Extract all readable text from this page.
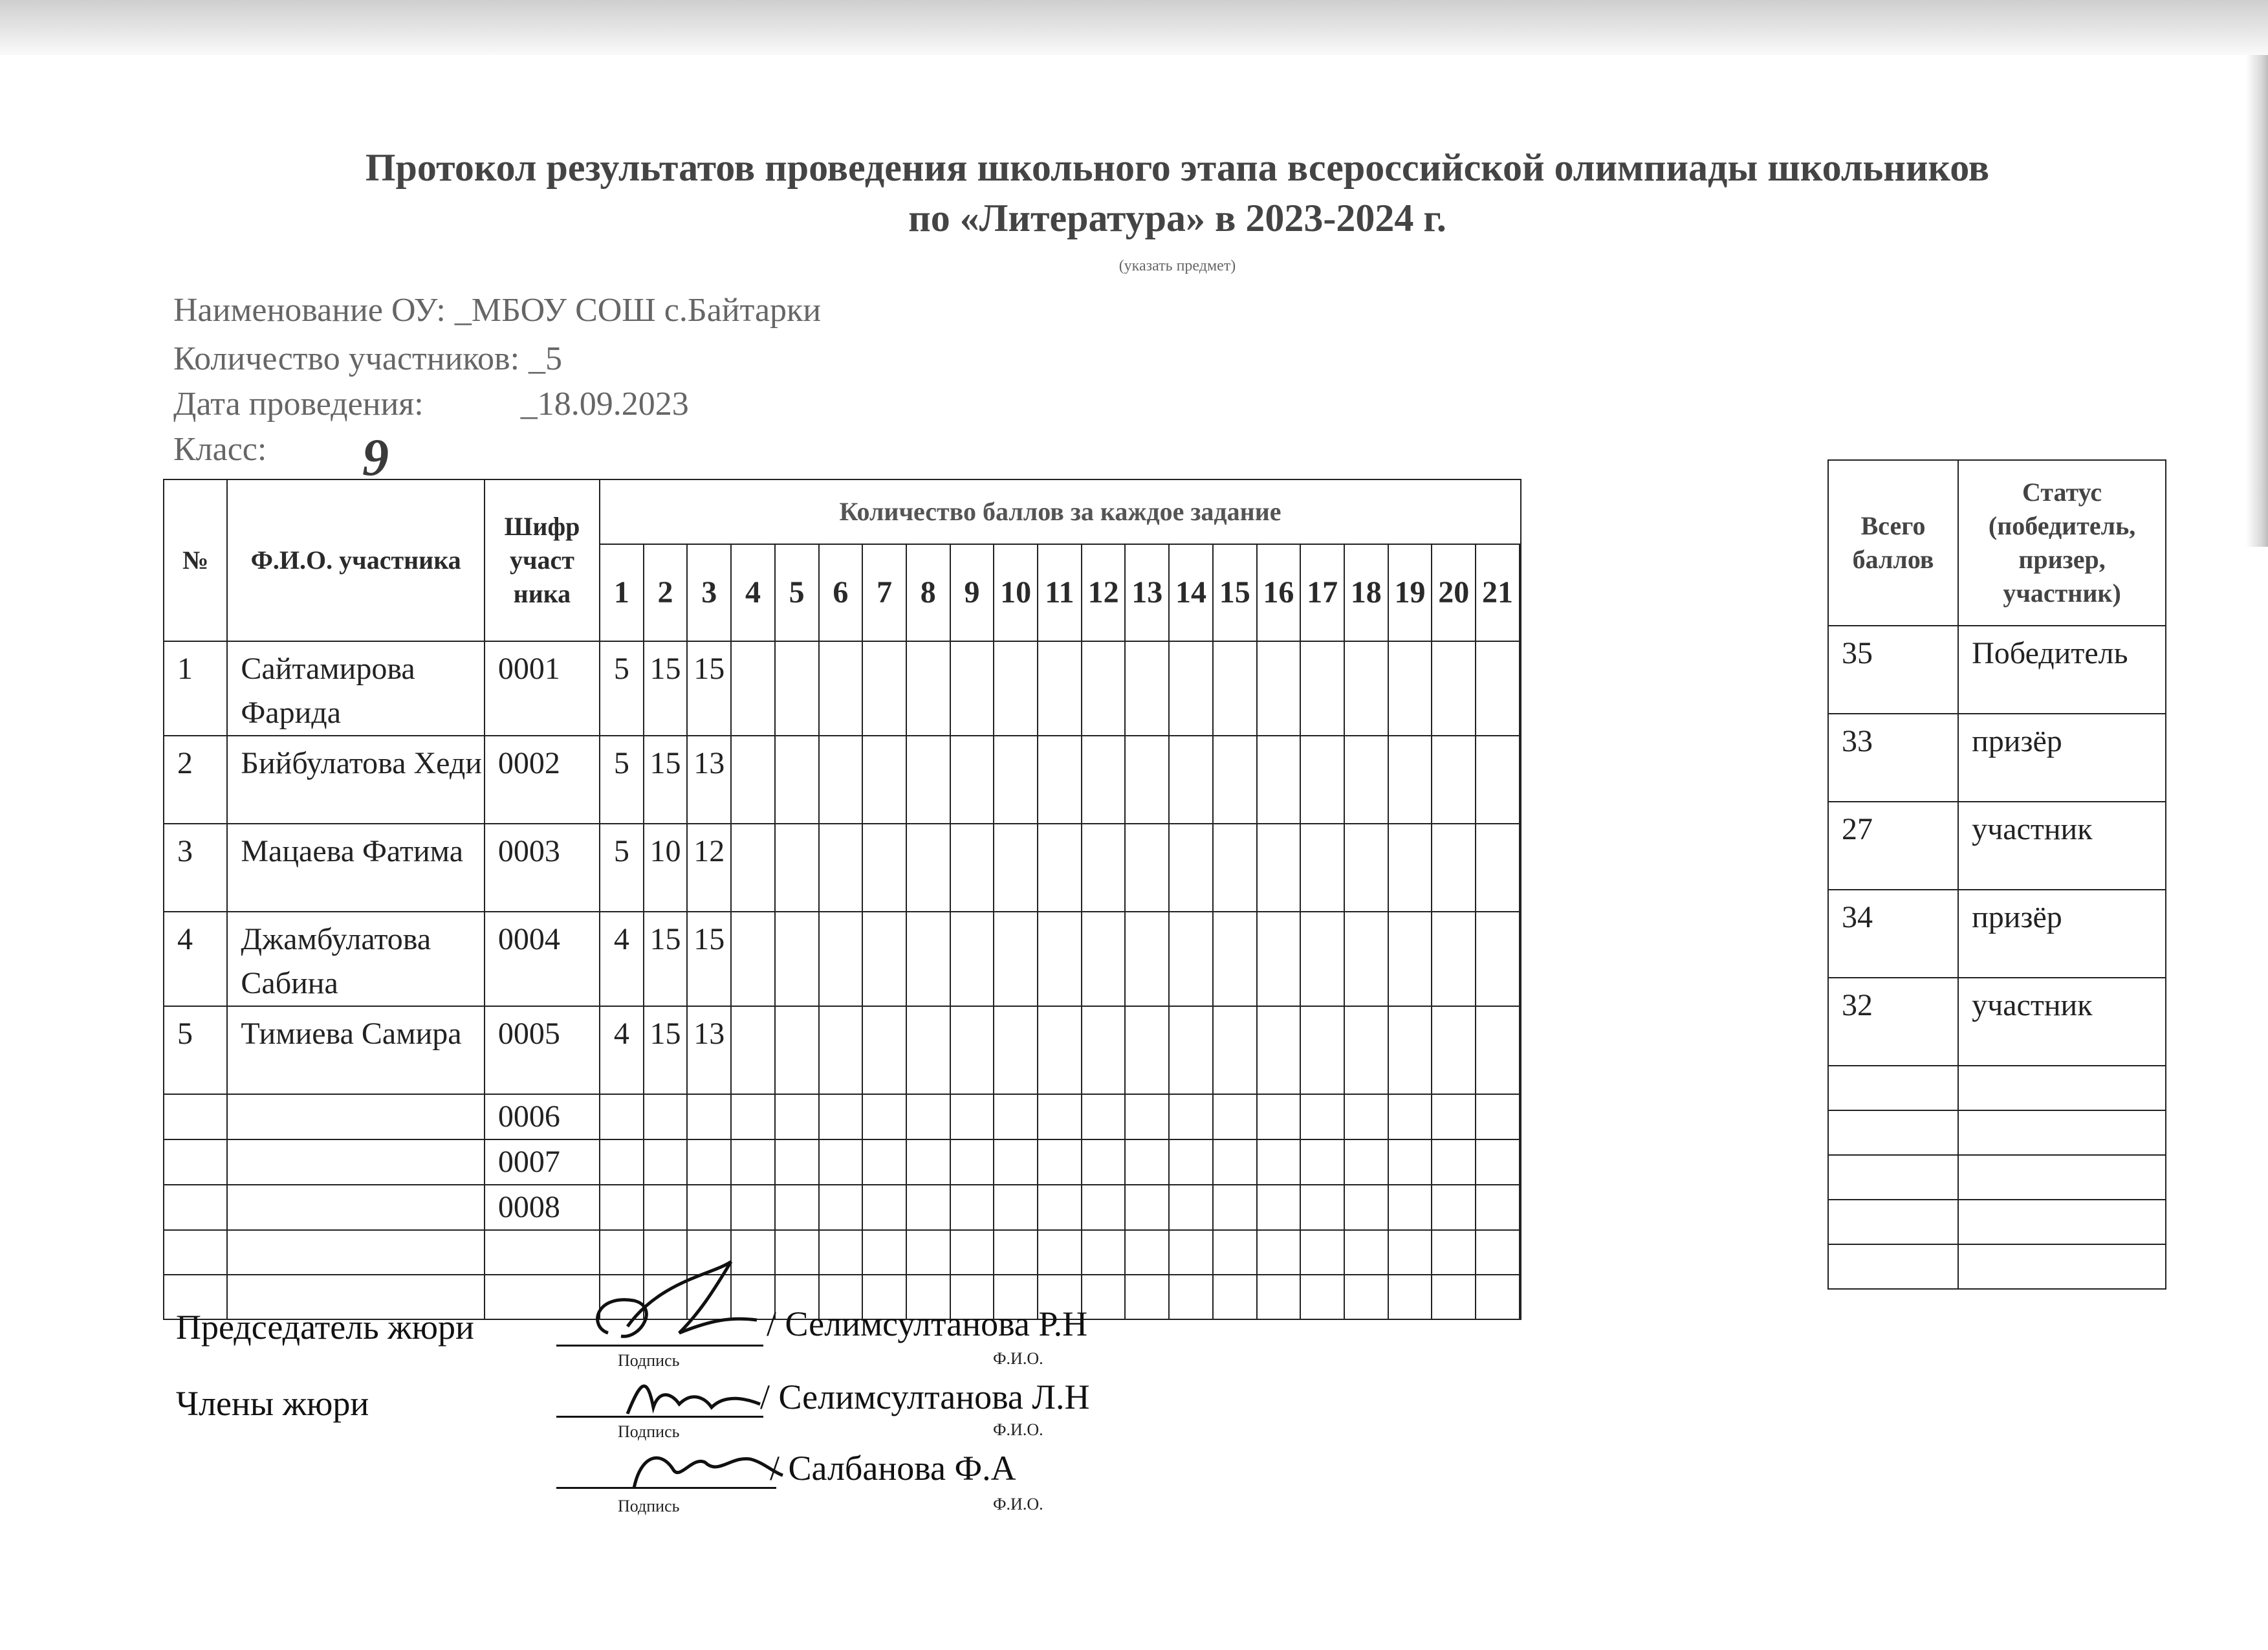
Протокол результатов проведения школьного этапа всероссийской олимпиады школьников
по «Литература» в 2023-2024 г.
(указать предмет)
Наименование ОУ: _МБОУ СОШ с.Байтарки
Количество участников: _5
Дата проведения:	_18.09.2023
Класс: 9
№	Ф.И.О. участника	Шифр участ ника	Количество баллов за каждое задание																					
			1	2	3	4	5	6	7	8	9	10	11	12	13	14	15	16	17	18	19	20	21	
1	Сайтамирова Фарида	0001	5	15	15																			
2	Бийбулатова Хеди	0002	5	15	13																			
3	Мацаева Фатима	0003	5	10	12																			
4	Джамбулатова Сабина	0004	4	15	15																			
5	Тимиева Самира	0005	4	15	13																			
		0006																						
		0007																						
		0008																						

Всего баллов	Статус (победитель, призер, участник)
35	Победитель
33	призёр
27	участник
34	призёр
32	участник

Председатель жюри	/ Селимсултанова Р.Н
Подпись	Ф.И.О.
Члены жюри	/ Селимсултанова Л.Н
Подпись	Ф.И.О.
/ Салбанова Ф.А
Подпись	Ф.И.О.
